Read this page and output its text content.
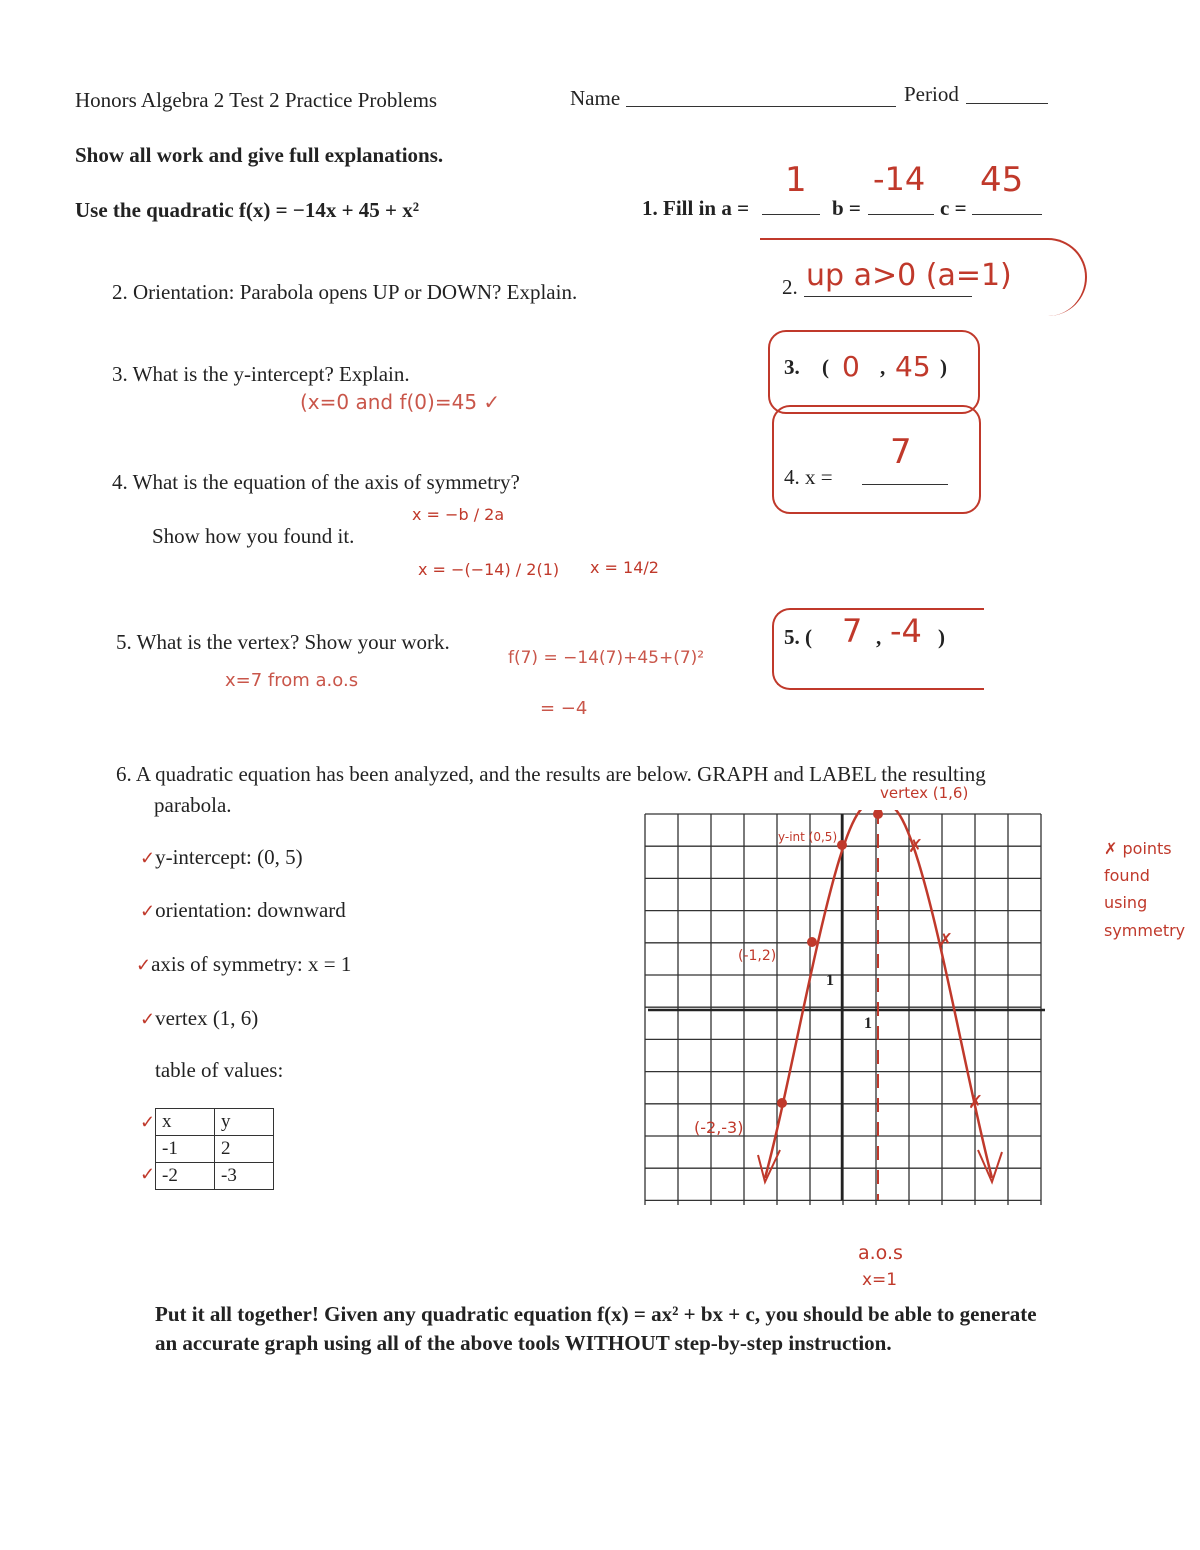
Honors Algebra 2 Test 2 Practice Problems	Name	Period
Show all work and give full explanations.
Use the quadratic f(x) = −14x + 45 + x²	1. Fill in a =
1
b =
-14
c =
45
2. Orientation: Parabola opens UP or DOWN? Explain.	2. up a>0 (a=1)
3. What is the y-intercept? Explain.
(x=0 and f(0)=45 ✓
3. ( 0 , 45 )
4. What is the equation of the axis of symmetry?
Show how you found it.
x = −b / 2a
x = −(−14) / 2(1) x = 14/2
4. x =
7
5. What is the vertex? Show your work.
x=7 from a.o.s
f(7) = −14(7)+45+(7)²
= −4
5. ( 7 , -4 )
6. A quadratic equation has been analyzed, and the results are below. GRAPH and LABEL the resulting
parabola.
✓y-intercept: (0, 5)
✓orientation: downward
✓axis of symmetry: x = 1
✓vertex (1, 6)
table of values:
✓
✓
x	y
-1	2
-2	-3
✗
✗
✗
1
1
vertex (1,6)
y-int (0,5)
(-1,2)
(-2,-3)
a.o.s
x=1
✗ points found using symmetry
Put it all together! Given any quadratic equation f(x) = ax² + bx + c, you should be able to generate
an accurate graph using all of the above tools WITHOUT step-by-step instruction.
